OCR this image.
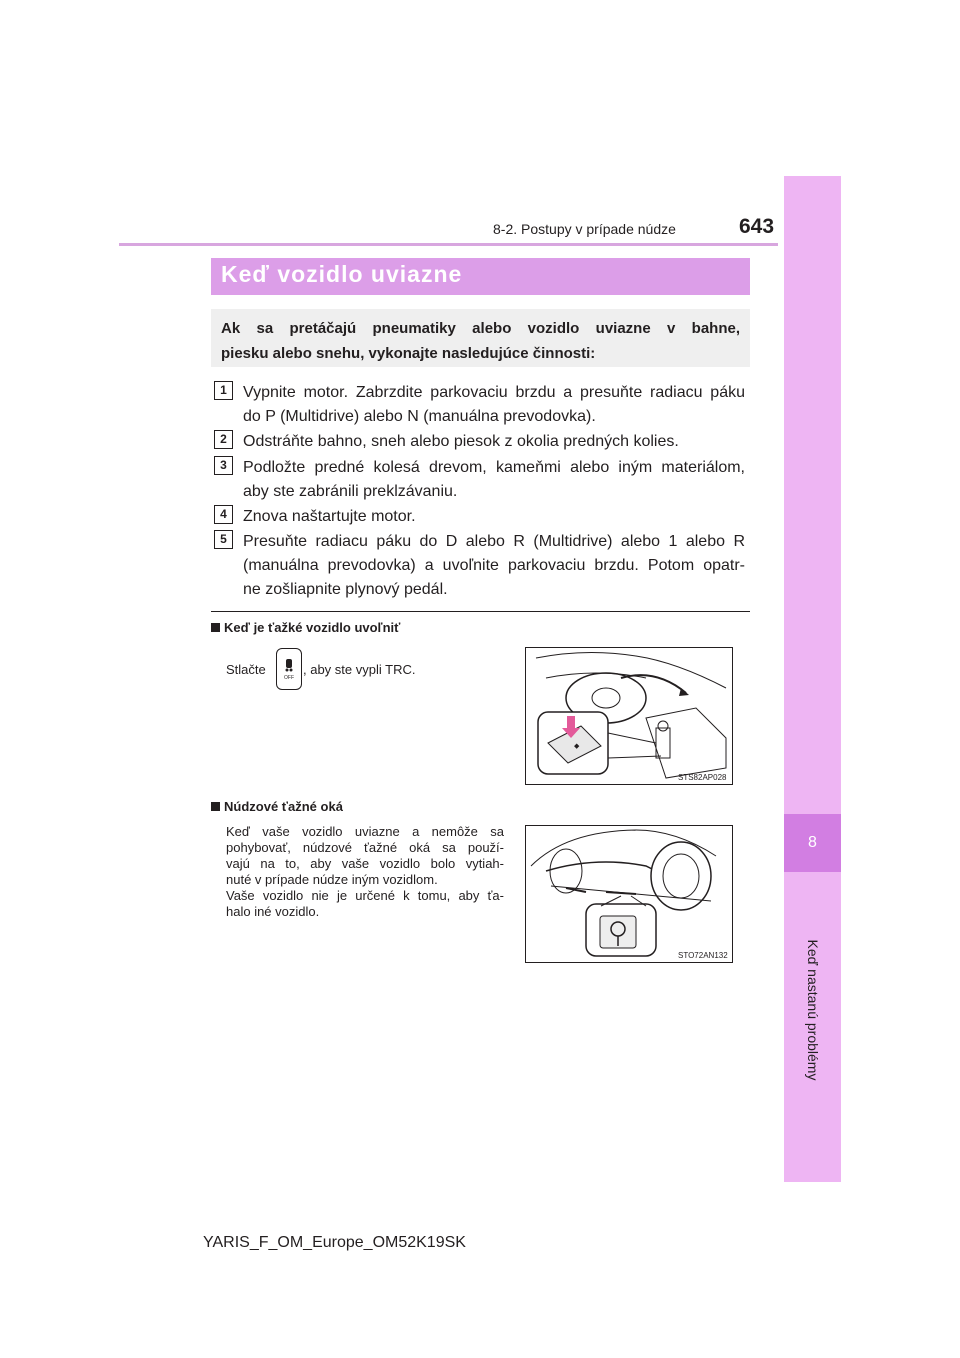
8
Keď nastanú problémy
8-2. Postupy v prípade núdze	643
Keď vozidlo uviazne
Ak sa pretáčajú pneumatiky alebo vozidlo uviazne v bahne,
piesku alebo snehu, vykonajte nasledujúce činnosti:
1	Vypnite motor. Zabrzdite parkovaciu brzdu a presuňte radiacu páku
do P (Multidrive) alebo N (manuálna prevodovka).
2	Odstráňte bahno, sneh alebo piesok z okolia predných kolies.
3	Podložte predné kolesá drevom, kameňmi alebo iným materiálom,
aby ste zabránili preklzávaniu.
4	Znova naštartujte motor.
5	Presuňte radiacu páku do D alebo R (Multidrive) alebo 1 alebo R
(manuálna prevodovka) a uvoľnite parkovaciu brzdu. Potom opatr-
ne zošliapnite plynový pedál.
Keď je ťažké vozidlo uvoľniť
Stlačte
OFF
, aby ste vypli TRC.
◆
STS82AP028
Núdzové ťažné oká
Keď vaše vozidlo uviazne a nemôže sa
pohybovať, núdzové ťažné oká sa použí-
vajú na to, aby vaše vozidlo bolo vytiah-
nuté v prípade núdze iným vozidlom.
Vaše vozidlo nie je určené k tomu, aby ťa-
halo iné vozidlo.
STO72AN132
YARIS_F_OM_Europe_OM52K19SK
